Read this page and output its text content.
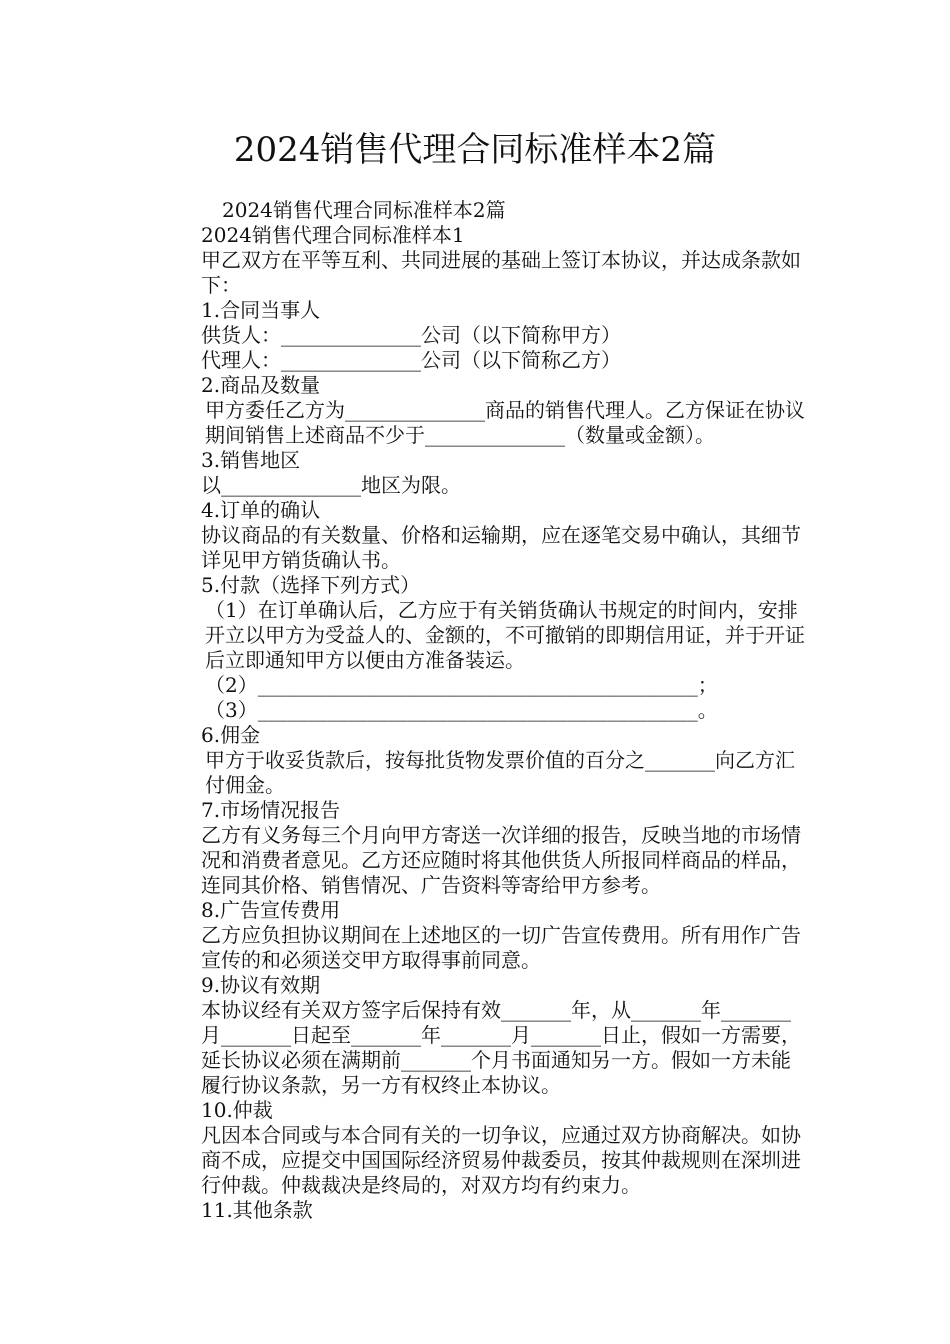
2024销售代理合同标准样本2篇

2024销售代理合同标准样本2篇

2024销售代理合同标准样本1

甲乙双方在平等互利、共同进展的基础上签订本协议，并达成条款如下：

1.合同当事人

供货人：______________公司（以下简称甲方）

代理人：______________公司（以下简称乙方）

2.商品及数量

甲方委任乙方为______________商品的销售代理人。乙方保证在协议期间销售上述商品不少于______________（数量或金额）。

3.销售地区

以______________地区为限。

4.订单的确认

协议商品的有关数量、价格和运输期，应在逐笔交易中确认，其细节详见甲方销货确认书。

5.付款（选择下列方式）

（1）在订单确认后，乙方应于有关销货确认书规定的时间内，安排开立以甲方为受益人的、金额的，不可撤销的即期信用证，并于开证后立即通知甲方以便由方准备装运。

（2）____________________________________________；

（3）____________________________________________。

6.佣金

甲方于收妥货款后，按每批货物发票价值的百分之_______向乙方汇付佣金。

7.市场情况报告

乙方有义务每三个月向甲方寄送一次详细的报告，反映当地的市场情况和消费者意见。乙方还应随时将其他供货人所报同样商品的样品，连同其价格、销售情况、广告资料等寄给甲方参考。

8.广告宣传费用

乙方应负担协议期间在上述地区的一切广告宣传费用。所有用作广告宣传的和必须送交甲方取得事前同意。

9.协议有效期

本协议经有关双方签字后保持有效_______年，从_______年_______月_______日起至_______年_______月_______日止，假如一方需要，延长协议必须在满期前_______个月书面通知另一方。假如一方未能履行协议条款，另一方有权终止本协议。

10.仲裁

凡因本合同或与本合同有关的一切争议，应通过双方协商解决。如协商不成，应提交中国国际经济贸易仲裁委员，按其仲裁规则在深圳进行仲裁。仲裁裁决是终局的，对双方均有约束力。

11.其他条款
